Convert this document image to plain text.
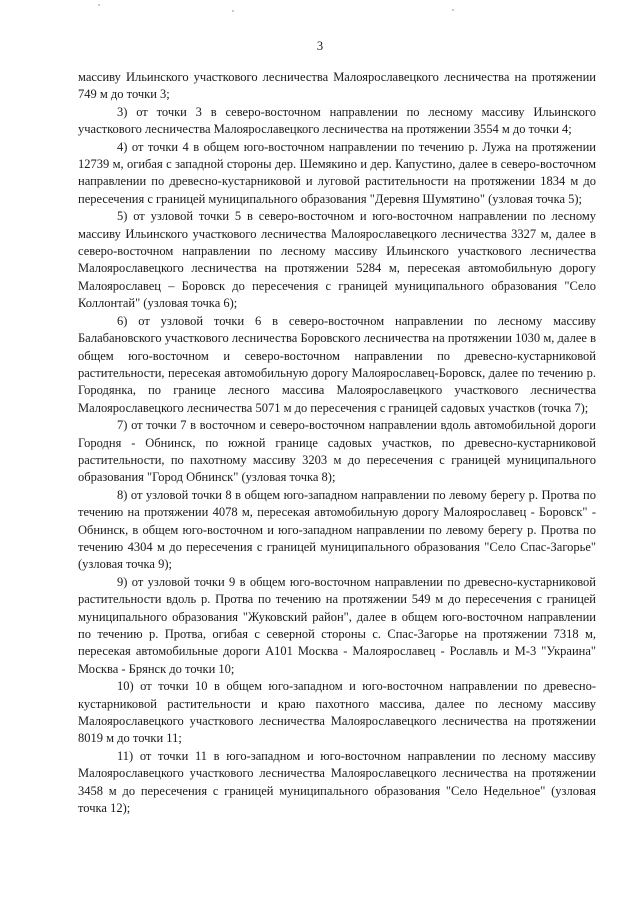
3

массиву Ильинского участкового лесничества Малоярославецкого лесничества на протяжении 749 м до точки 3;

3) от точки 3 в северо-восточном направлении по лесному массиву Ильинского участкового лесничества Малоярославецкого лесничества на протяжении 3554 м до точки 4;

4) от точки 4 в общем юго-восточном направлении по течению р. Лужа на протяжении 12739 м, огибая с западной стороны дер. Шемякино и дер. Капустино, далее в северо-восточном направлении по древесно-кустарниковой и луговой растительности на протяжении 1834 м до пересечения с границей муниципального образования "Деревня Шумятино" (узловая точка 5);

5) от узловой точки 5 в северо-восточном и юго-восточном направлении по лесному массиву Ильинского участкового лесничества Малоярославецкого лесничества 3327 м, далее в северо-восточном направлении по лесному массиву Ильинского участкового лесничества Малоярославецкого лесничества на протяжении 5284 м, пересекая автомобильную дорогу Малоярославец – Боровск до пересечения с границей муниципального образования "Село Коллонтай" (узловая точка 6);

6) от узловой точки 6 в северо-восточном направлении по лесному массиву Балабановского участкового лесничества Боровского лесничества на протяжении 1030 м, далее в общем юго-восточном и северо-восточном направлении по древесно-кустарниковой растительности, пересекая автомобильную дорогу Малоярославец-Боровск, далее по течению р. Городянка, по границе лесного массива Малоярославецкого участкового лесничества Малоярославецкого лесничества 5071 м до пересечения с границей садовых участков (точка 7);

7) от точки 7 в восточном и северо-восточном направлении вдоль автомобильной дороги Городня - Обнинск, по южной границе садовых участков, по древесно-кустарниковой растительности, по пахотному массиву 3203 м до пересечения с границей муниципального образования "Город Обнинск" (узловая точка 8);

8) от узловой точки 8 в общем юго-западном направлении по левому берегу р. Протва по течению на протяжении 4078 м, пересекая автомобильную дорогу Малоярославец - Боровск" - Обнинск, в общем юго-восточном и юго-западном направлении по левому берегу р. Протва по течению 4304 м до пересечения с границей муниципального образования "Село Спас-Загорье" (узловая точка 9);

9) от узловой точки 9 в общем юго-восточном направлении по древесно-кустарниковой растительности вдоль р. Протва по течению на протяжении 549 м до пересечения с границей муниципального образования "Жуковский район", далее в общем юго-восточном направлении по течению р. Протва, огибая с северной стороны с. Спас-Загорье на протяжении 7318 м, пересекая автомобильные дороги А101 Москва - Малоярославец - Рославль и М-3 "Украина" Москва - Брянск до точки 10;

10) от точки 10 в общем юго-западном и юго-восточном направлении по древесно-кустарниковой растительности и краю пахотного массива, далее по лесному массиву Малоярославецкого участкового лесничества Малоярославецкого лесничества на протяжении 8019 м до точки 11;

11) от точки 11 в юго-западном и юго-восточном направлении по лесному массиву Малоярославецкого участкового лесничества Малоярославецкого лесничества на протяжении 3458 м до пересечения с границей муниципального образования "Село Недельное" (узловая точка 12);
